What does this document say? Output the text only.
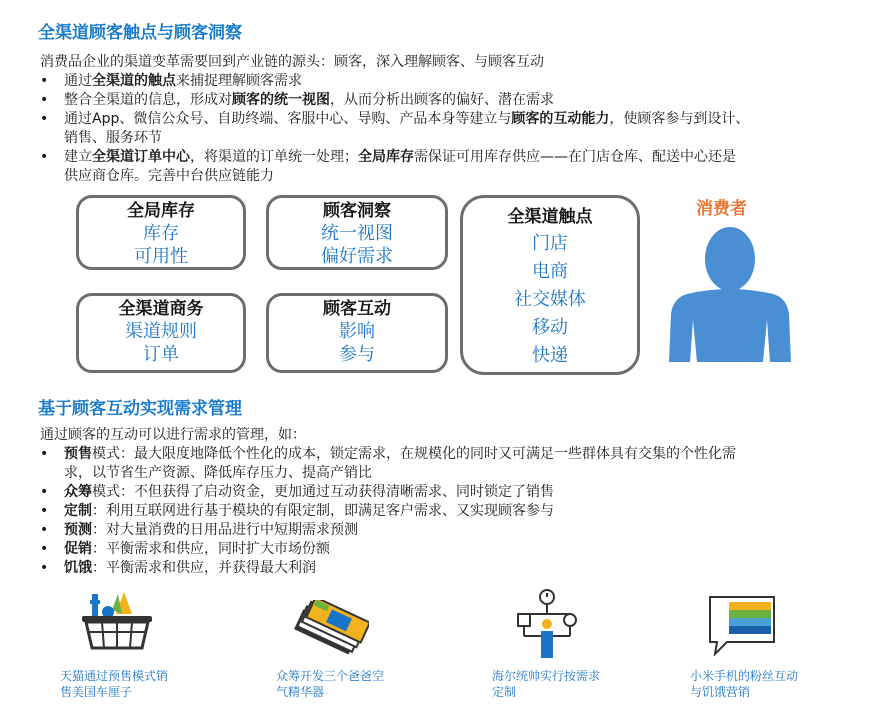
全渠道顾客触点与顾客洞察
消费品企业的渠道变革需要回到产业链的源头：顾客，深入理解顾客、与顾客互动
• 通过全渠道的触点来捕捉理解顾客需求
• 整合全渠道的信息，形成对顾客的统一视图，从而分析出顾客的偏好、潜在需求
• 通过App、微信公众号、自助终端、客服中心、导购、产品本身等建立与顾客的互动能力，使顾客参与到设计、
销售、服务环节
• 建立全渠道订单中心，将渠道的订单统一处理；全局库存需保证可用库存供应——在门店仓库、配送中心还是
供应商仓库。完善中台供应链能力
全局库存
库存
可用性
顾客洞察
统一视图
偏好需求
全渠道商务
渠道规则
订单
顾客互动
影响
参与
全渠道触点
门店
电商
社交媒体
移动
快递
消费者
基于顾客互动实现需求管理
通过顾客的互动可以进行需求的管理，如：
• 预售模式：最大限度地降低个性化的成本，锁定需求，在规模化的同时又可满足一些群体具有交集的个性化需
求，以节省生产资源、降低库存压力、提高产销比
• 众筹模式：不但获得了启动资金，更加通过互动获得清晰需求、同时锁定了销售
• 定制：利用互联网进行基于模块的有限定制，即满足客户需求、又实现顾客参与
• 预测：对大量消费的日用品进行中短期需求预测
• 促销：平衡需求和供应，同时扩大市场份额
• 饥饿：平衡需求和供应，并获得最大利润
天猫通过预售模式销
售美国车厘子
众筹开发三个爸爸空
气精华器
海尔统帅实行按需求
定制
小米手机的粉丝互动
与饥饿营销
